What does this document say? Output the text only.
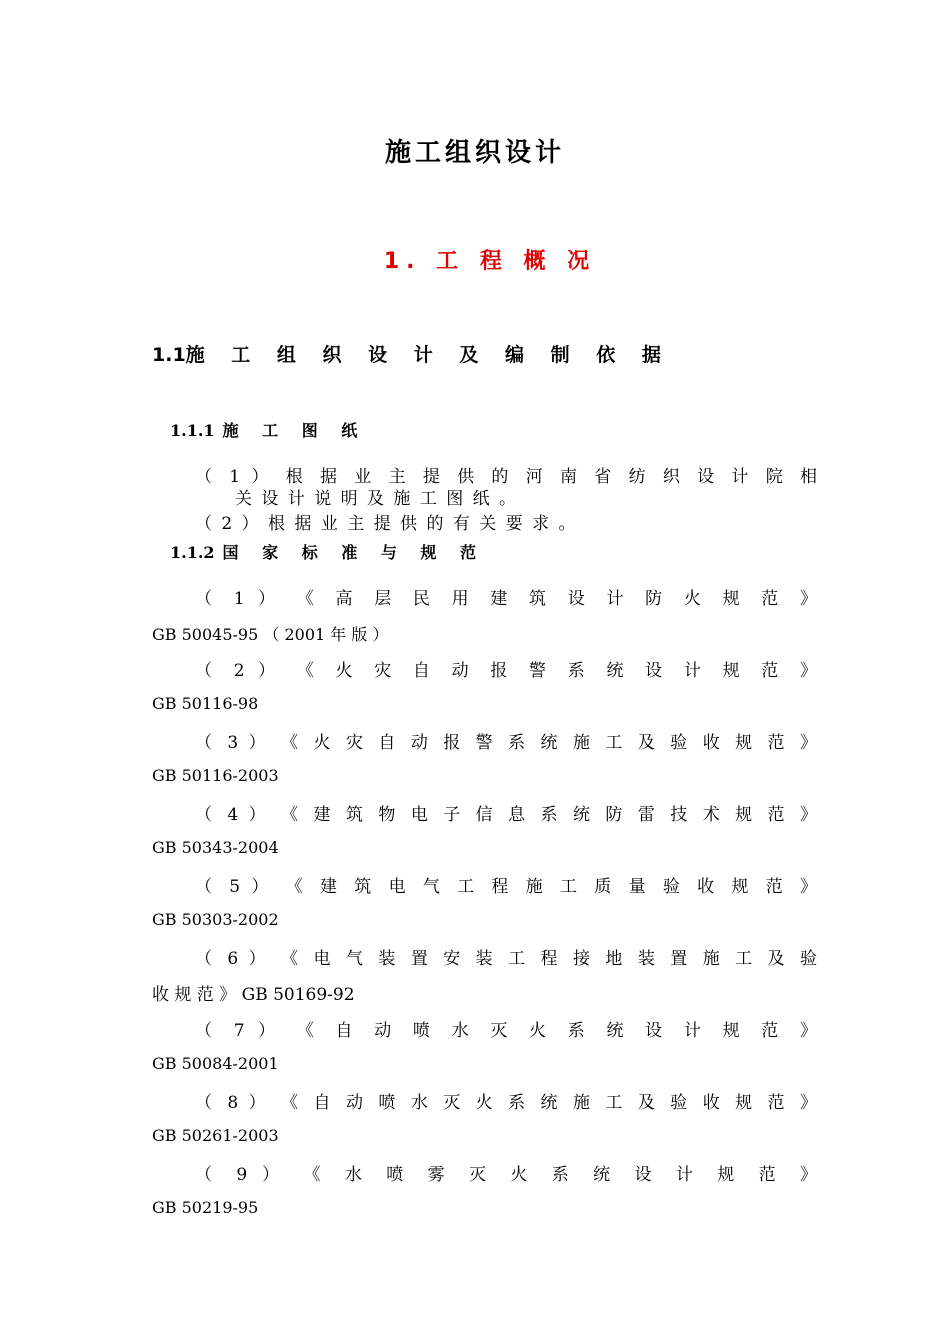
施工组织设计
1. 工 程 概 况
1.1施 工 组 织 设 计 及 编 制 依 据
1.1.1 施 工 图 纸
（ 1 ） 根 据 业 主 提 供 的 河 南 省 纺 织 设 计 院 相
关 设 计 说 明 及 施 工 图 纸 。
（ 2 ） 根 据 业 主 提 供 的 有 关 要 求 。
1.1.2 国 家 标 准 与 规 范
（ 1 ） 《 高 层 民 用 建 筑 设 计 防 火 规 范 》
GB 50045-95 （ 2001 年 版 ）
（ 2 ） 《 火 灾 自 动 报 警 系 统 设 计 规 范 》
GB 50116-98
（ 3 ） 《 火 灾 自 动 报 警 系 统 施 工 及 验 收 规 范 》
GB 50116-2003
（ 4 ） 《 建 筑 物 电 子 信 息 系 统 防 雷 技 术 规 范 》
GB 50343-2004
（ 5 ） 《 建 筑 电 气 工 程 施 工 质 量 验 收 规 范 》
GB 50303-2002
（ 6 ） 《 电 气 装 置 安 装 工 程 接 地 装 置 施 工 及 验
收 规 范 》 GB 50169-92
（ 7 ） 《 自 动 喷 水 灭 火 系 统 设 计 规 范 》
GB 50084-2001
（ 8 ） 《 自 动 喷 水 灭 火 系 统 施 工 及 验 收 规 范 》
GB 50261-2003
（ 9 ） 《 水 喷 雾 灭 火 系 统 设 计 规 范 》
GB 50219-95
